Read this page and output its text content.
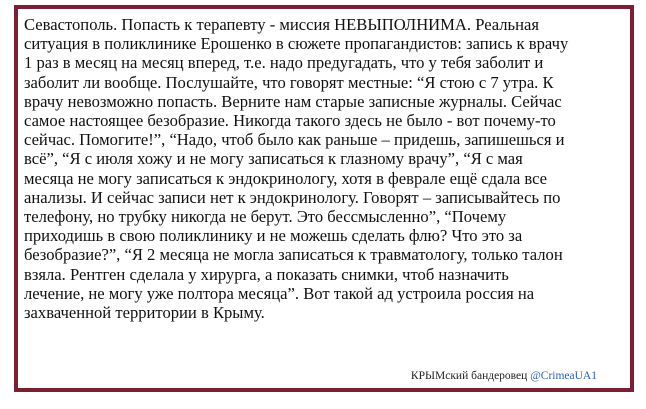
Севастополь. Попасть к терапевту - миссия НЕВЫПОЛНИМА. Реальная
ситуация в поликлинике Ерошенко в сюжете пропагандистов: запись к врачу
1 раз в месяц на месяц вперед, т.е. надо предугадать, что у тебя заболит и
заболит ли вообще. Послушайте, что говорят местные: “Я стою с 7 утра. К
врачу невозможно попасть. Верните нам старые записные журналы. Сейчас
самое настоящее безобразие. Никогда такого здесь не было - вот почему-то
сейчас. Помогите!”, “Надо, чтоб было как раньше – придешь, запишешься и
всё”, “Я с июля хожу и не могу записаться к глазному врачу”, “Я с мая
месяца не могу записаться к эндокринологу, хотя в феврале ещё сдала все
анализы. И сейчас записи нет к эндокринологу. Говорят – записывайтесь по
телефону, но трубку никогда не берут. Это бессмысленно”, “Почему
приходишь в свою поликлинику и не можешь сделать флю? Что это за
безобразие?”, “Я 2 месяца не могла записаться к травматологу, только талон
взяла. Рентген сделала у хирурга, а показать снимки, чтоб назначить
лечение, не могу уже полтора месяца”. Вот такой ад устроила россия на
захваченной территории в Крыму.

КРЫМский бандеровец @CrimeaUA1
